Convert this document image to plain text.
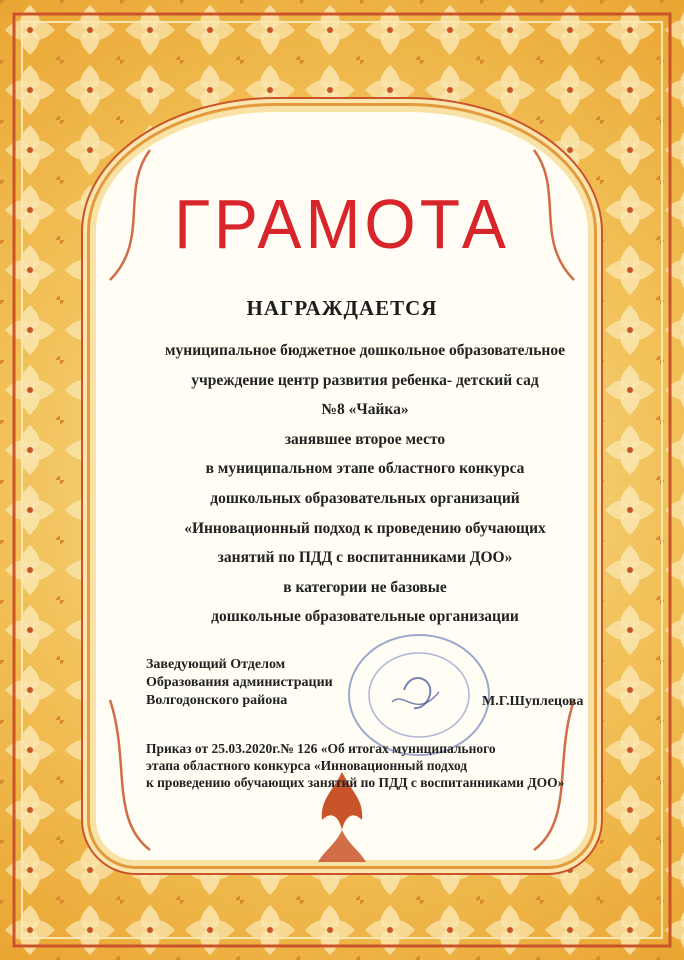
ГРАМОТА
НАГРАЖДАЕТСЯ
муниципальное бюджетное дошкольное образовательное
учреждение центр развития ребенка- детский сад
№8 «Чайка»
занявшее второе место
в муниципальном этапе областного конкурса
дошкольных образовательных организаций
«Инновационный подход к проведению обучающих
занятий по ПДД с воспитанниками ДОО»
в категории не базовые
дошкольные образовательные организации
Заведующий Отделом
Образования администрации
Волгодонского района	М.Г.Шуплецова
Приказ от 25.03.2020г.№ 126 «Об итогах муниципального
этапа областного конкурса «Инновационный подход
к проведению обучающих занятий по ПДД с воспитанниками ДОО»
